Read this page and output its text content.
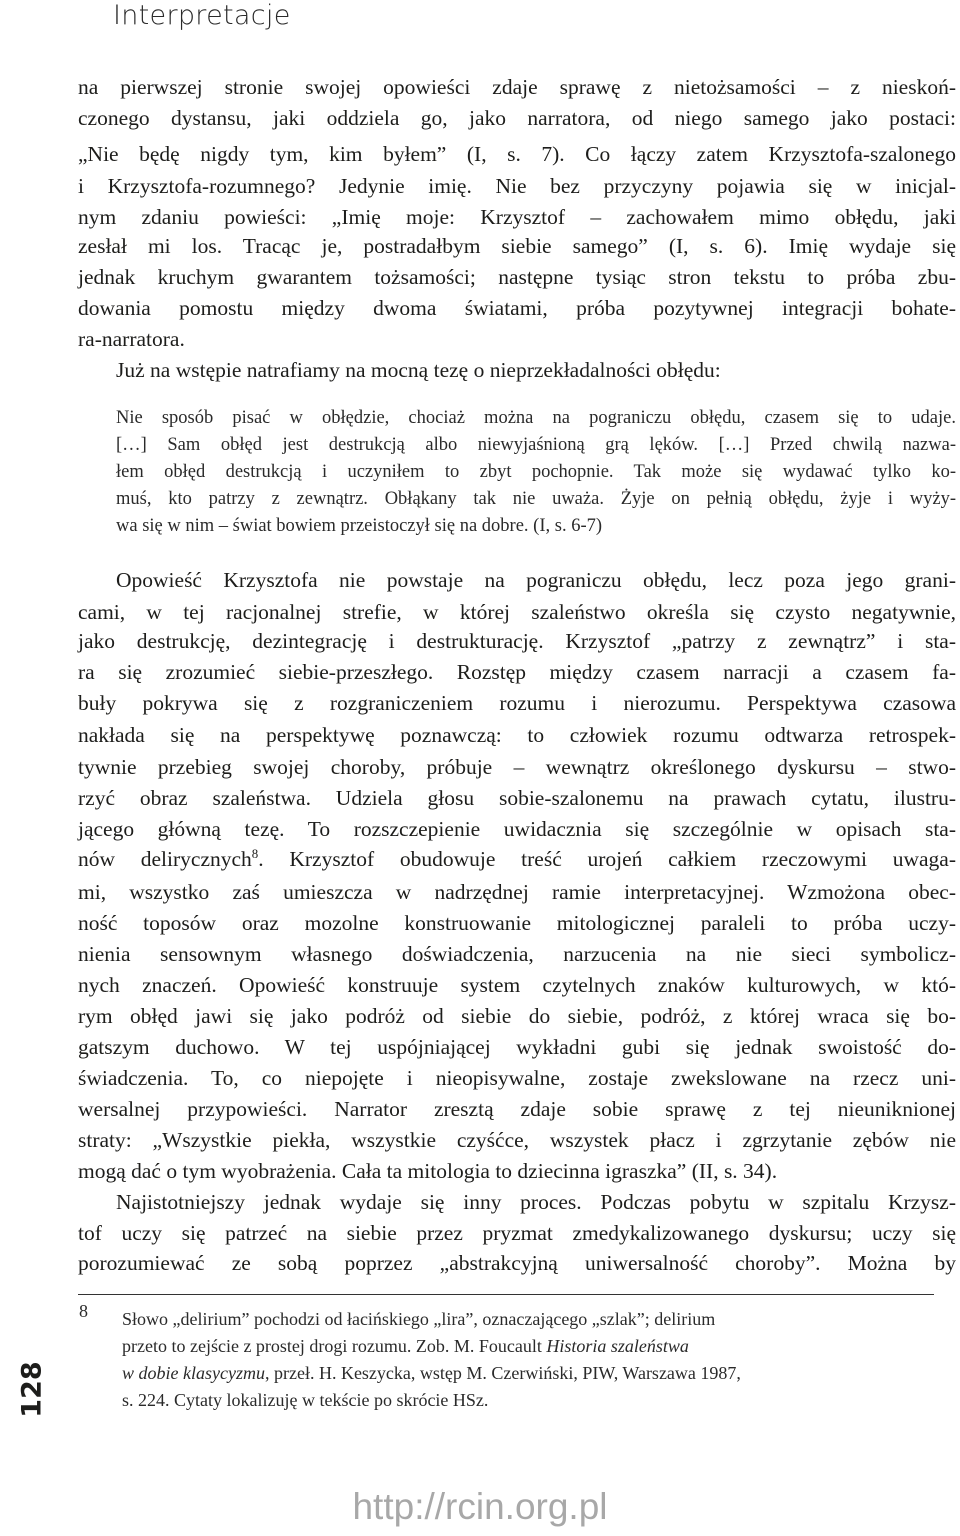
Interpretacje
na pierwszej stronie swojej opowieści zdaje sprawę z nietożsamości – z nieskoń-
czonego dystansu, jaki oddziela go, jako narratora, od niego samego jako postaci:
„Nie będę nigdy tym, kim byłem” (I, s. 7). Co łączy zatem Krzysztofa-szalonego
i Krzysztofa-rozumnego? Jedynie imię. Nie bez przyczyny pojawia się w inicjal-
nym zdaniu powieści: „Imię moje: Krzysztof – zachowałem mimo obłędu, jaki
zesłał mi los. Tracąc je, postradałbym siebie samego” (I, s. 6). Imię wydaje się
jednak kruchym gwarantem tożsamości; następne tysiąc stron tekstu to próba zbu-
dowania pomostu między dwoma światami, próba pozytywnej integracji bohate-
ra-narratora.
Już na wstępie natrafiamy na mocną tezę o nieprzekładalności obłędu:
Nie sposób pisać w obłędzie, chociaż można na pograniczu obłędu, czasem się to udaje.
[…] Sam obłęd jest destrukcją albo niewyjaśnioną grą lęków. […] Przed chwilą nazwa-
łem obłęd destrukcją i uczyniłem to zbyt pochopnie. Tak może się wydawać tylko ko-
muś, kto patrzy z zewnątrz. Obłąkany tak nie uważa. Żyje on pełnią obłędu, żyje i wyży-
wa się w nim – świat bowiem przeistoczył się na dobre. (I, s. 6-7)
Opowieść Krzysztofa nie powstaje na pograniczu obłędu, lecz poza jego grani-
cami, w tej racjonalnej strefie, w której szaleństwo określa się czysto negatywnie,
jako destrukcję, dezintegrację i destrukturację. Krzysztof „patrzy z zewnątrz” i sta-
ra się zrozumieć siebie-przeszłego. Rozstęp między czasem narracji a czasem fa-
buły pokrywa się z rozgraniczeniem rozumu i nierozumu. Perspektywa czasowa
nakłada się na perspektywę poznawczą: to człowiek rozumu odtwarza retrospek-
tywnie przebieg swojej choroby, próbuje – wewnątrz określonego dyskursu – stwo-
rzyć obraz szaleństwa. Udziela głosu sobie-szalonemu na prawach cytatu, ilustru-
jącego główną tezę. To rozszczepienie uwidacznia się szczególnie w opisach sta-
nów delirycznych$^8$. Krzysztof obudowuje treść urojeń całkiem rzeczowymi uwaga-
mi, wszystko zaś umieszcza w nadrzędnej ramie interpretacyjnej. Wzmożona obec-
ność toposów oraz mozolne konstruowanie mitologicznej paraleli to próba uczy-
nienia sensownym własnego doświadczenia, narzucenia na nie sieci symbolicz-
nych znaczeń. Opowieść konstruuje system czytelnych znaków kulturowych, w któ-
rym obłęd jawi się jako podróż od siebie do siebie, podróż, z której wraca się bo-
gatszym duchowo. W tej uspójniającej wykładni gubi się jednak swoistość do-
świadczenia. To, co niepojęte i nieopisywalne, zostaje zwekslowane na rzecz uni-
wersalnej przypowieści. Narrator zresztą zdaje sobie sprawę z tej nieuniknionej
straty: „Wszystkie piekła, wszystkie czyśćce, wszystek płacz i zgrzytanie zębów nie
mogą dać o tym wyobrażenia. Cała ta mitologia to dziecinna igraszka” (II, s. 34).
Najistotniejszy jednak wydaje się inny proces. Podczas pobytu w szpitalu Krzysz-
tof uczy się patrzeć na siebie przez pryzmat zmedykalizowanego dyskursu; uczy się
porozumiewać ze sobą poprzez „abstrakcyjną uniwersalność choroby”. Można by
8 Słowo „delirium” pochodzi od łacińskiego „lira”, oznaczającego „szlak”; delirium
przeto to zejście z prostej drogi rozumu. Zob. M. Foucault Historia szaleństwa
w dobie klasycyzmu, przeł. H. Keszycka, wstęp M. Czerwiński, PIW, Warszawa 1987,
s. 224. Cytaty lokalizuję w tekście po skrócie HSz.
128
http://rcin.org.pl
